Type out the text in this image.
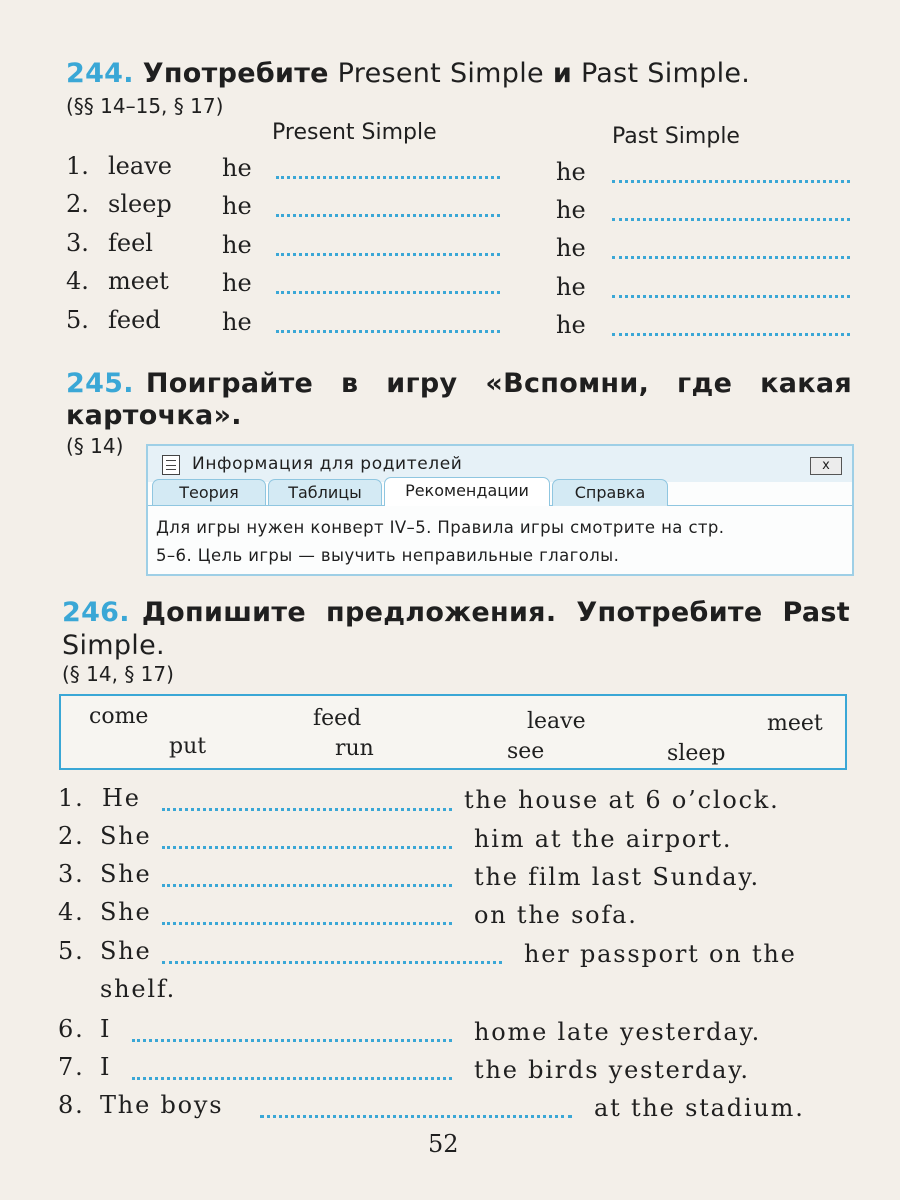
244. Употребите Present Simple и Past Simple.
(§§ 14–15, § 17)
Present Simple	Past Simple
1. leave he	he
2. sleep he	he
3. feel	he	he
4. meet he	he
5. feed	he	he
245. Поиграйте в игру «Вспомни, где какая
карточка».
(§ 14)
Информация для родителей	x
Теория	Таблицы	Рекомендации	Справка
Для игры нужен конверт IV–5. Правила игры смотрите на стр.
5–6. Цель игры — выучить неправильные глаголы.
246. Допишите предложения. Употребите Past
Simple.
(§ 14, § 17)
come	feed	leave	meet
put	run	see	sleep
1. He	the house at 6 o’clock.
2. She	him at the airport.
3. She	the film last Sunday.
4. She	on the sofa.
5. She	her passport on the
shelf.
6. I	home late yesterday.
7. I	the birds yesterday.
8. The boys	at the stadium.
52
